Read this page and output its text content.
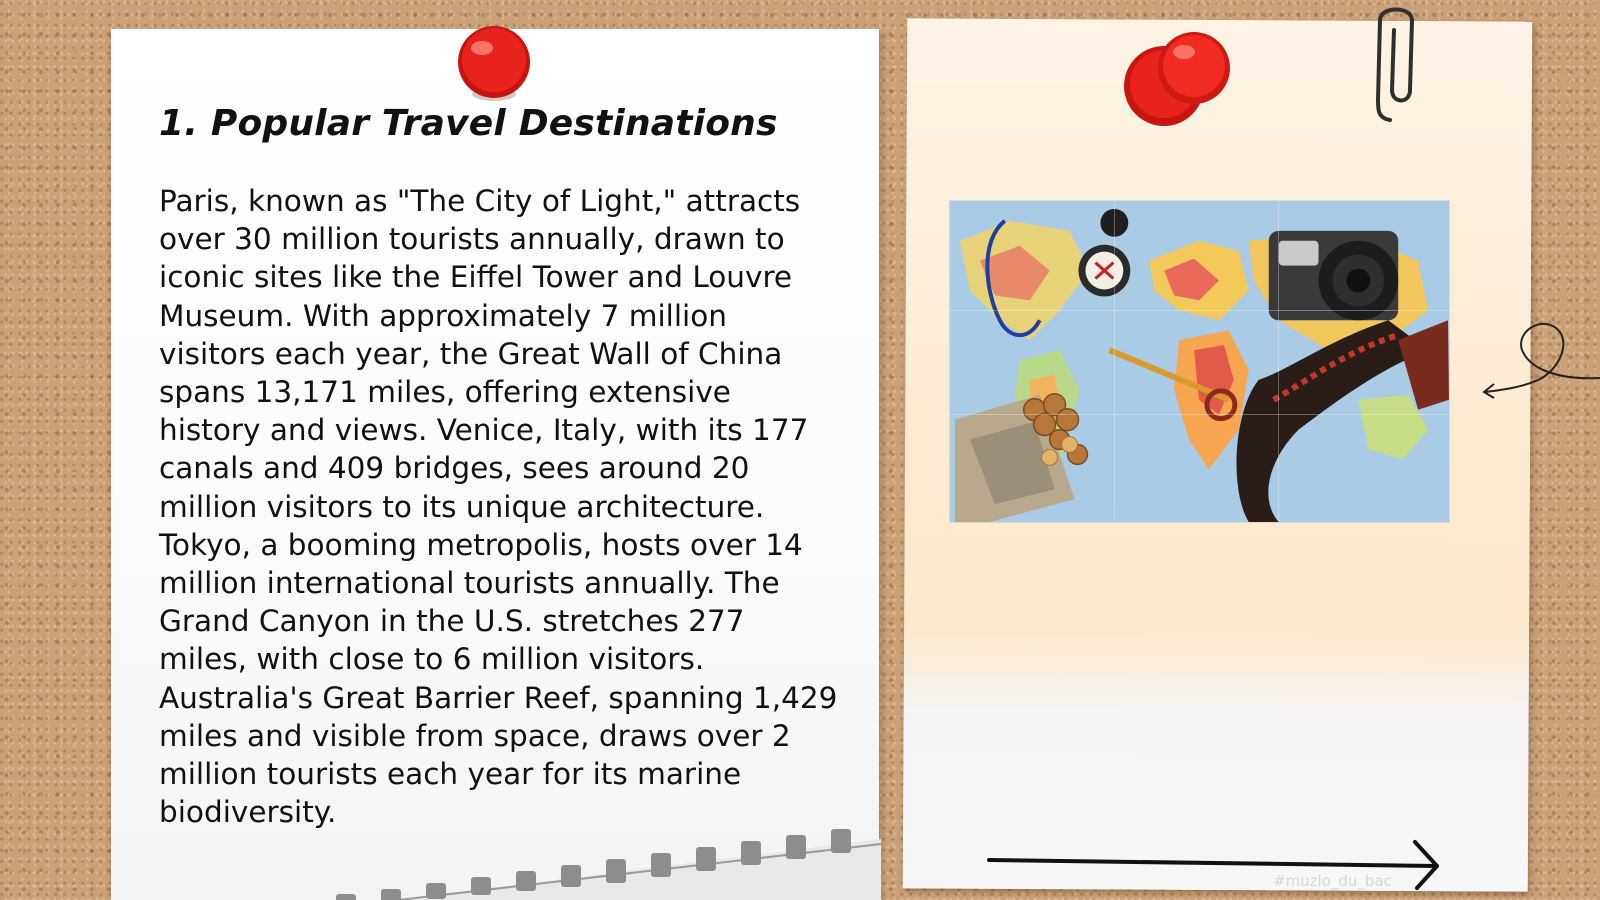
1. Popular Travel Destinations
Paris, known as "The City of Light," attracts
over 30 million tourists annually, drawn to
iconic sites like the Eiffel Tower and Louvre
Museum. With approximately 7 million
visitors each year, the Great Wall of China
spans 13,171 miles, offering extensive
history and views. Venice, Italy, with its 177
canals and 409 bridges, sees around 20
million visitors to its unique architecture.
Tokyo, a booming metropolis, hosts over 14
million international tourists annually. The
Grand Canyon in the U.S. stretches 277
miles, with close to 6 million visitors.
Australia's Great Barrier Reef, spanning 1,429
miles and visible from space, draws over 2
million tourists each year for its marine
biodiversity.
#muzlo_du_bac
